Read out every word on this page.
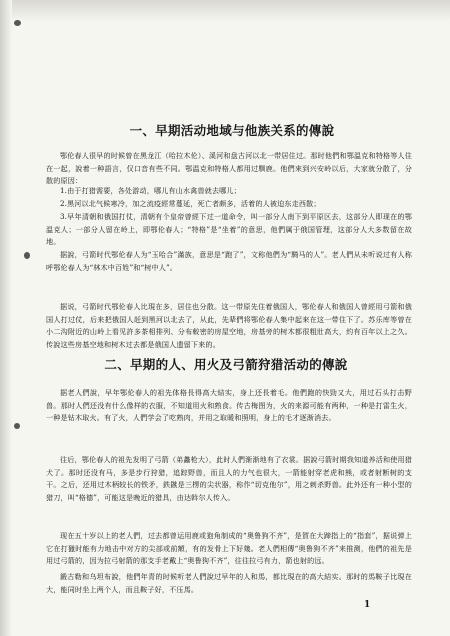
一、早期活动地域与他族关系的傳說
鄂伦春人很早的时候曾在黑龙江（哈拉木伦）、溪河和盘古河以北一带居住过。那时他們和鄂温克和特格等人住在一起，說着一种語言，仅口音有些不同。鄂温克和特格人都用过馴鹿。他們來到兴安岭以后，大家就分散了，分散的原因：
1.由于打猎需要，各处游动，哪儿有山水禽兽就去哪儿；
2.黑河以北气候寒冷，加之流疫經常蔓延，死亡者颇多，活着的人被迫东走西散；
3.早年清朝和俄国打仗，清朝有个皇帝曾經下过一道命令，叫一部分人南下到平原区去，这部分人即现在的鄂温克人；一部分人留在岭上，即鄂伦春人；“特格”是“坐着”的意思，他們属于俄国管理，这部分人大多数留在故地。
据說，弓箭时代鄂伦春人为“玉哈合”滿族，意思是“跑了”，文称他們为“騎马的人”。老人們从未听说过有人称呼鄂伦春人为“林木中百姓”和“树中人”。
据说，弓箭时代鄂伦春人比現在多，居住也分散。这一带原先住着俄国人，鄂伦春人和俄国人曾經用弓箭和俄国人打过仗，后来把俄国人赶到黑河以北去了，从此，先辈們将鄂伦春人集中起來在这一带住下了。苏乐库等曾在小二沟附近的山岭上看见許多茶相排列、分布較密的房屋空地，房基旁的树木都很粗壯高大，約有百年以上之久。传說这些房基空地和树木过去都是俄国人遗留下来的。
二、早期的人、用火及弓箭狩猎活动的傳說
据老人們說，早年鄂伦春人的祖先体格長得高大結实，身上还長着毛。他們跑的快勁又大，用过石头打击野兽。那时人們还没有什么像样的衣服，不知道用火和熟食。传古梅图为，火的来源可能有两种，一种是打雷生火，一种是钻木取火。有了火，人們学会了吃熟肉，并用之取暖和照明，身上的毛才逐渐消去。
往后，鄂伦春人的祖先发明了弓箭（弟蠡枪大），此时人們渐渐地有了衣裳。据說弓箭时期我知道养活和使用猎犬了。那时还没有马，多是步行狩猎，追踪野兽，而且人的力气也很大，一箭能射穿老虎和熊，或者射断树的支干。之后，还用过木柄较长的铁矛，鉄鏃是三楞的尖状器，称作“切克他尔”，用之刺杀野兽。此外还有一种小型的猎刀，叫“格德”，可能这是晚近的猎具，由达斡尔人传入。
现在五十岁以上的老人們，过去都曾运用鹿或狍角制成的“奥鲁狗不齐”，是賀在大蹄指上的“指套”，据说弹上它在打獵时能有力地击中对方的尖部或前額，有的发骨上下好幾。老人們相傳“奥鲁狗不齐”来推测，他們的祖先是用过弓箭的，因为拉弓射箭的那支手老戴上“奥鲁狗不齐”，往往拉弓有力，箭也射的远。
鍛古勒和乌坦布說，他們年青的时候听老人們說过早年的人和馬，都比現在的高大結实。那时的馬鞍子比現在大，能同时坐上两个人，而且鞍子好，不压馬。
1
